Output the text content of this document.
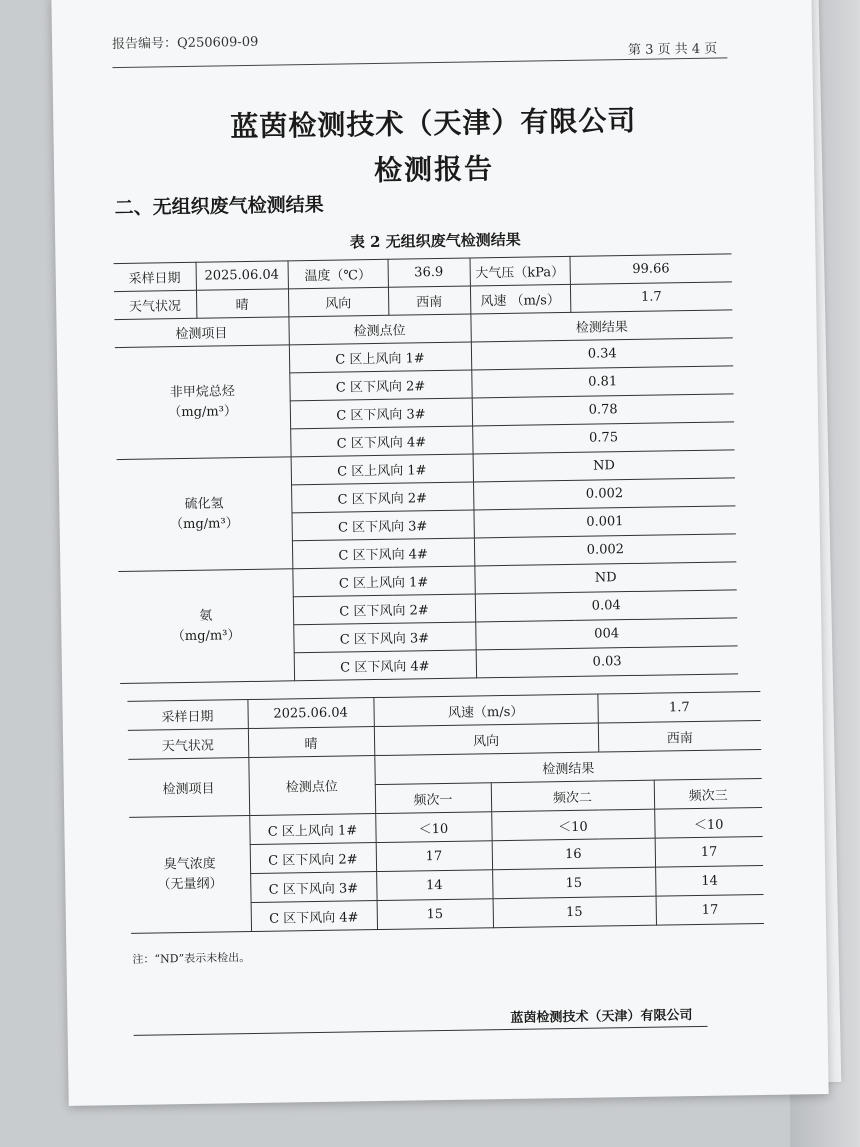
报告编号：Q250609-09	第 3 页 共 4 页
蓝茵检测技术（天津）有限公司
检测报告
二、无组织废气检测结果
表 2 无组织废气检测结果
采样日期	2025.06.04	温度（℃）	36.9	大气压（kPa）	99.66
天气状况	晴	风向	西南	风速 （m/s）	1.7
检测项目		检测点位		检测结果	

非甲烷总烃
（mg/m³）		C 区上风向 1#		0.34	
		C 区下风向 2#		0.81	
		C 区下风向 3#		0.78	
		C 区下风向 4#		0.75	

硫化氢
（mg/m³）		C 区上风向 1#		ND	
		C 区下风向 2#		0.002	
		C 区下风向 3#		0.001	
		C 区下风向 4#		0.002	

氨
（mg/m³）		C 区上风向 1#		ND	
		C 区下风向 2#		0.04	
		C 区下风向 3#		004	
		C 区下风向 4#		0.03	
采样日期	2025.06.04	风速（m/s）		1.7	
天气状况	晴	风向		西南	
检测项目	检测点位	检测结果			
		频次一	频次二		频次三

臭气浓度
（无量纲）	C 区上风向 1#	＜10	＜10		＜10
	C 区下风向 2#	17	16		17
	C 区下风向 3#	14	15		14
	C 区下风向 4#	15	15		17
注：“ND”表示未检出。
蓝茵检测技术（天津）有限公司
